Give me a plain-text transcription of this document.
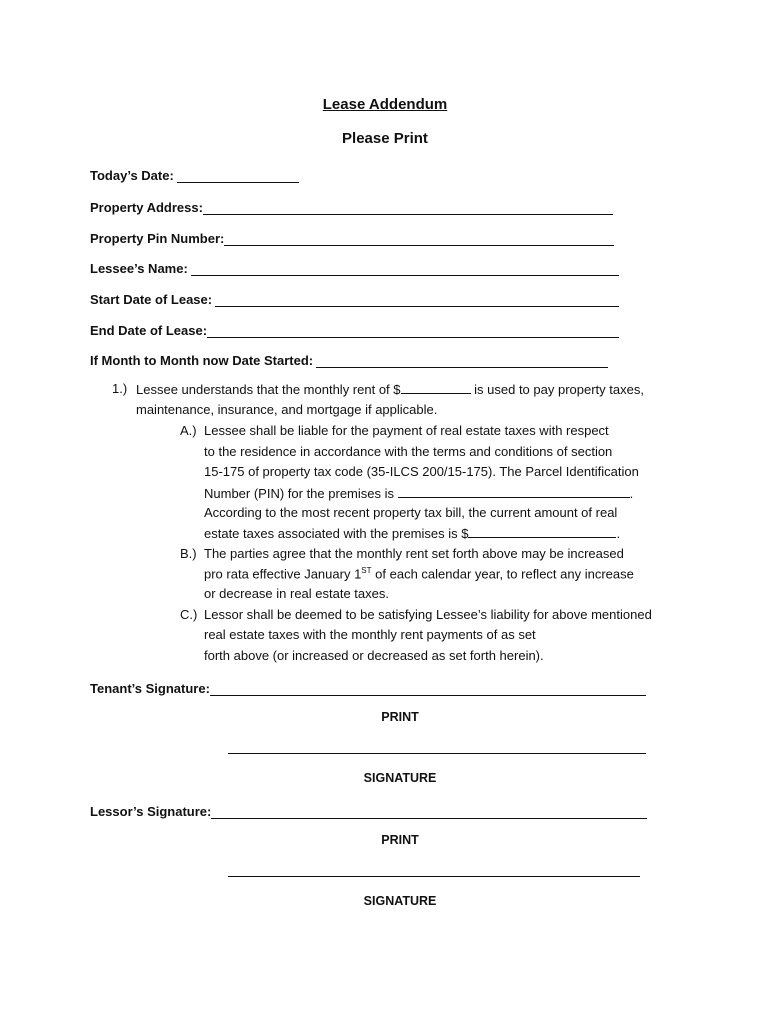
Lease Addendum
Please Print
Today’s Date:
Property Address:
Property Pin Number:
Lessee’s Name:
Start Date of Lease:
End Date of Lease:
If Month to Month now Date Started:
1.) Lessee understands that the monthly rent of $	is used to pay property taxes,
maintenance, insurance, and mortgage if applicable.
A.) Lessee shall be liable for the payment of real estate taxes with respect
to the residence in accordance with the terms and conditions of section
15-175 of property tax code (35-ILCS 200/15-175). The Parcel Identification
Number (PIN) for the premises is	.
According to the most recent property tax bill, the current amount of real
estate taxes associated with the premises is $	.
B.) The parties agree that the monthly rent set forth above may be increased
pro rata effective January 1ST of each calendar year, to reflect any increase
or decrease in real estate taxes.
C.) Lessor shall be deemed to be satisfying Lessee’s liability for above mentioned
real estate taxes with the monthly rent payments of as set
forth above (or increased or decreased as set forth herein).
Tenant’s Signature:
PRINT
SIGNATURE
Lessor’s Signature:
PRINT
SIGNATURE
